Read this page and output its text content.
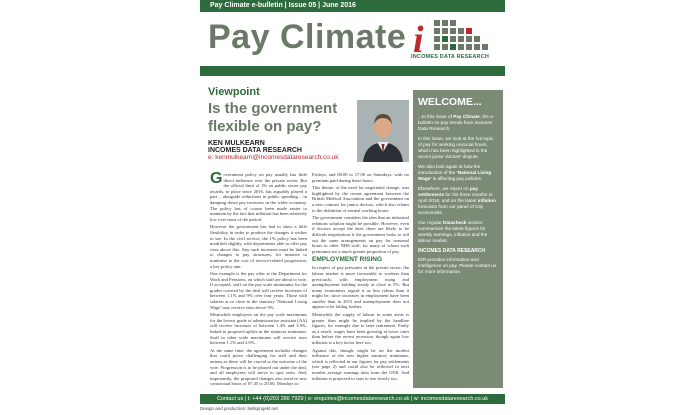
Pay Climate e-bulletin | Issue 05 | June 2016
Pay Climate i
INCOMES DATA RESEARCH
Viewpoint
Is the government flexible on pay?
KEN MULKEARN
INCOMES DATA RESEARCH
e: kenmulkearn@incomesdataresearch.co.uk

Government policy on pay usually has little direct influence over the private sector. But the official limit of 1% on public sector pay awards, in place since 2016, has arguably played a part – alongside reductions in public spending – in damping down pay increases in the wider economy. The policy has of course been made easier to maintain by the fact that inflation has been relatively low over most of the period.

However the government has had to show a little flexibility in order to produce the changes it wishes to see. In the civil service, the 1% policy has been modified slightly, with departments able to offer pay rises above this. Any such increases must be linked to changes to pay structures, for instance to minimise to the cost of service-related progression, a key policy aim.

One example is the pay offer at the Department for Work and Pensions, on which staff are about to vote. If accepted, staff on the pay scale minimums for the grades covered by the deal will receive increases of between 1.1% and 9% over four years. Those with salaries at or close to the statutory 'National Living Wage' may receive rises above 9%.

Meanwhile employees on the pay scale maximums for the lowest grade of administrative assistant (AA) will receive increases of between 1.4% and 3.9%, linked to proposed uplifts in the statutory minimum. Staff in other scale maximums will receive rises between 1.1% and 2.9%.

At the same time, the agreement includes changes that could prove challenging for staff and their unions as these will be crucial to the outcome of the vote. Progression is to be phased out under the deal, and all employees will move to spot rates. And, importantly, the proposed changes also involve new contractual hours of 07.45 to 20.00, Mondays to

Fridays, and 08.00 to 17.00 on Saturdays, with no premium paid during these hours.

This theme, of the need for negotiated change, was highlighted by the recent agreement between the British Medical Association and the government on a new contract for junior doctors, which also relates to the definition of normal working hours.

The government considers the idea that an industrial relations solution might be possible. However, even if doctors accept the deal, there are likely to be difficult negotiations if the government looks to roll out the same arrangements on pay for seasonal hours to other NHS staff, for many of whom such premiums are a much greater proportion of pay.

EMPLOYMENT RISING

In respect of pay pressures in the private sector, the labour market is more favourable to workers than previously, with employment rising and unemployment holding steady at close to 5%. But many economists regard it as less robust than it might be, since increases in employment have been smaller than in 2015 and unemployment does not appear to be falling further.

Meanwhile the supply of labour in some areas is greater than might be implied by the headline figures, for example due to later retirement. Partly as a result, wages have been growing at lower rates than before the recent recession, though again low inflation is a key factor here too.

Against this, though, might be set the modest influence of the new higher statutory minimum, which is reflected in our figures for pay settlements (see page 2) and could also be reflected in next months average earnings data from the ONS. And inflation is projected to start to rise slowly too.

WELCOME...

...to this issue of Pay Climate, the e-bulletin on pay trends from Incomes Data Research.

In this issue, we look at the hot topic of pay for working unsocial hours, which has been highlighted in the recent junior doctors' dispute.

We also look again at how the introduction of the 'National Living Wage' is affecting pay policies.

Elsewhere, we report on pay settlements for the three months to April 2016, and on the latest inflation forecasts from our panel of City economists.

Our regular Datacheck section summarises the latest figures for weekly earnings, inflation and the labour market.

INCOMES DATA RESEARCH

IDR provides information and intelligence on pay. Please contact us for more information.

Contact us | t: +44 (0)203 286 7929 | e: enquiries@incomesdataresearch.co.uk | w: incomesdataresearch.co.uk
Design and production: bellsprojekt.net
